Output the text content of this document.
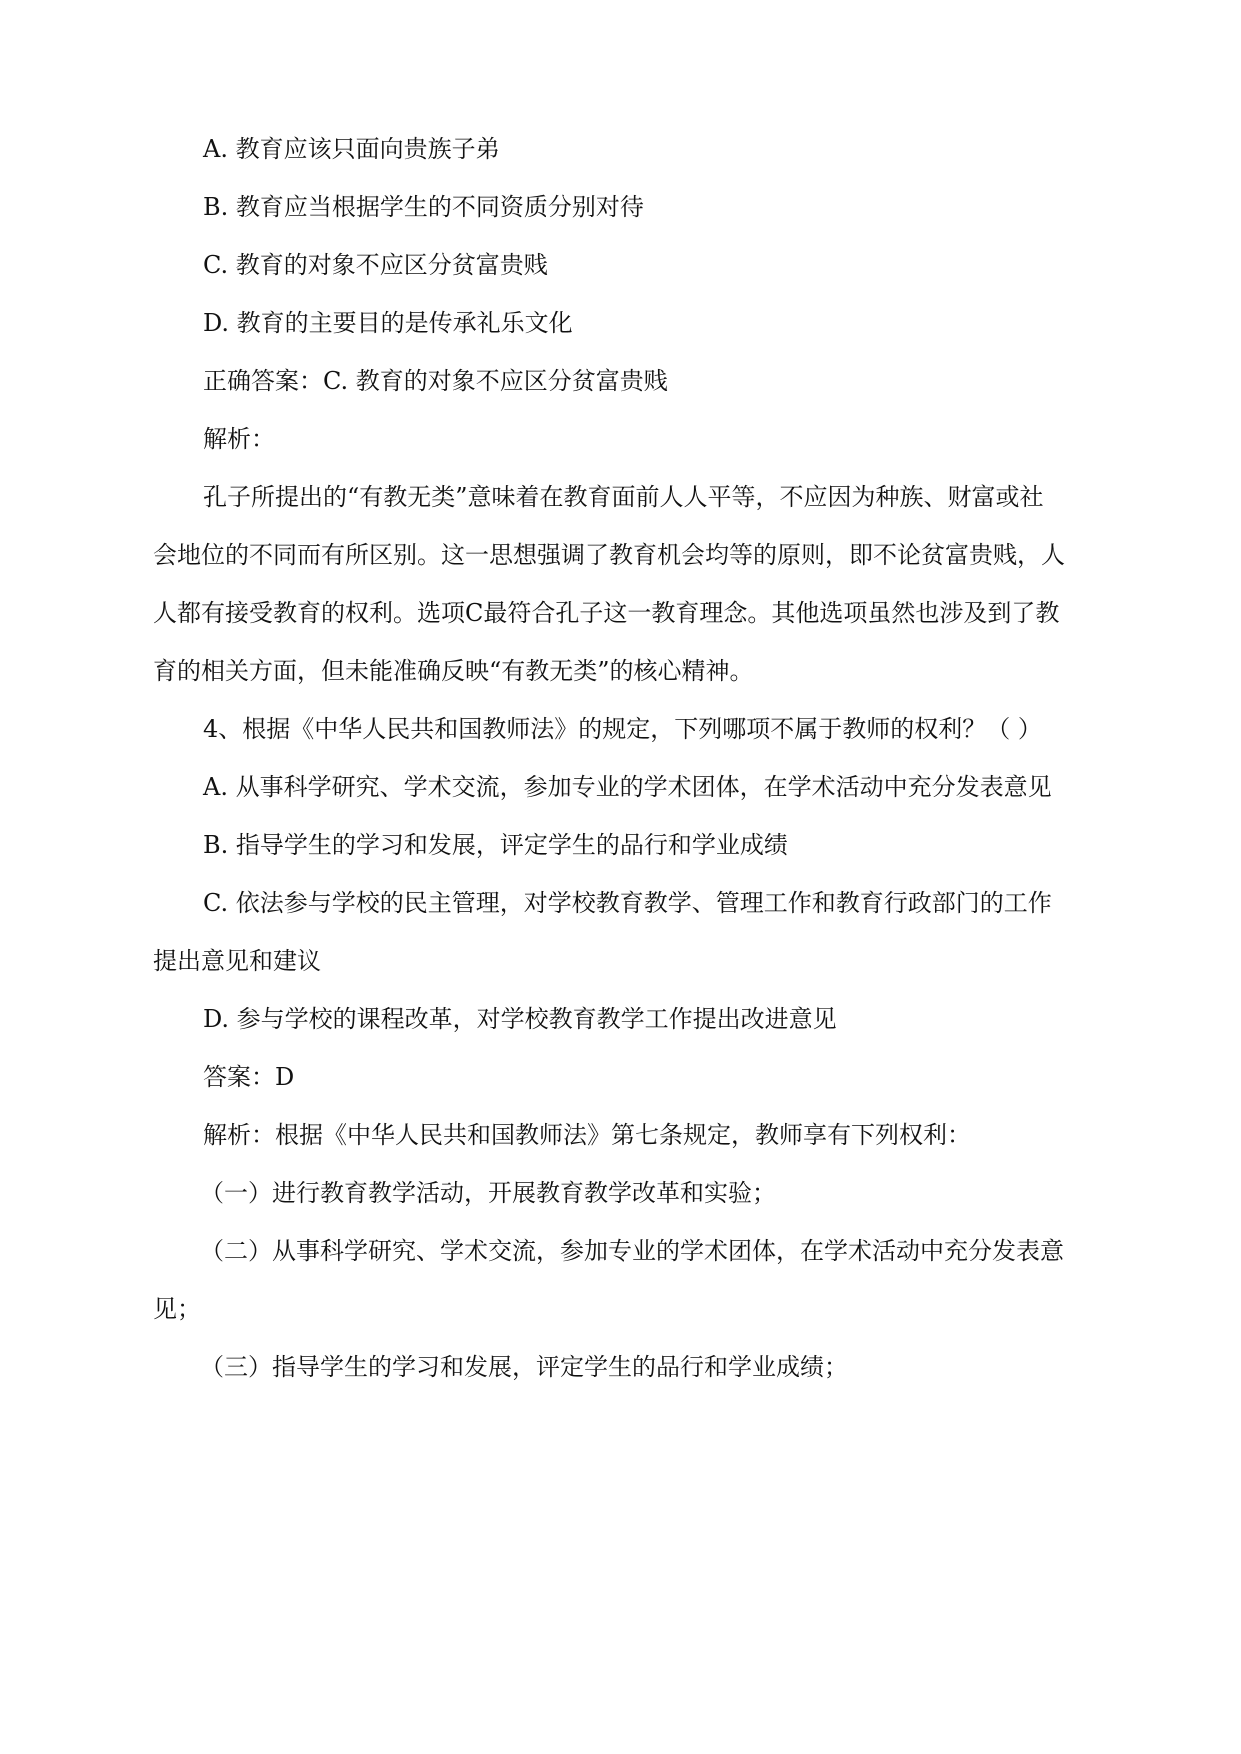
A. 教育应该只面向贵族子弟
B. 教育应当根据学生的不同资质分别对待
C. 教育的对象不应区分贫富贵贱
D. 教育的主要目的是传承礼乐文化
正确答案：C. 教育的对象不应区分贫富贵贱
解析：
孔子所提出的“有教无类”意味着在教育面前人人平等，不应因为种族、财富或社
会地位的不同而有所区别。这一思想强调了教育机会均等的原则，即不论贫富贵贱，人
人都有接受教育的权利。选项C最符合孔子这一教育理念。其他选项虽然也涉及到了教
育的相关方面，但未能准确反映“有教无类”的核心精神。
4、根据《中华人民共和国教师法》的规定，下列哪项不属于教师的权利？（ ）
A. 从事科学研究、学术交流，参加专业的学术团体，在学术活动中充分发表意见
B. 指导学生的学习和发展，评定学生的品行和学业成绩
C. 依法参与学校的民主管理，对学校教育教学、管理工作和教育行政部门的工作
提出意见和建议
D. 参与学校的课程改革，对学校教育教学工作提出改进意见
答案：D
解析：根据《中华人民共和国教师法》第七条规定，教师享有下列权利：
（一）进行教育教学活动，开展教育教学改革和实验；
（二）从事科学研究、学术交流，参加专业的学术团体，在学术活动中充分发表意
见；
（三）指导学生的学习和发展，评定学生的品行和学业成绩；
